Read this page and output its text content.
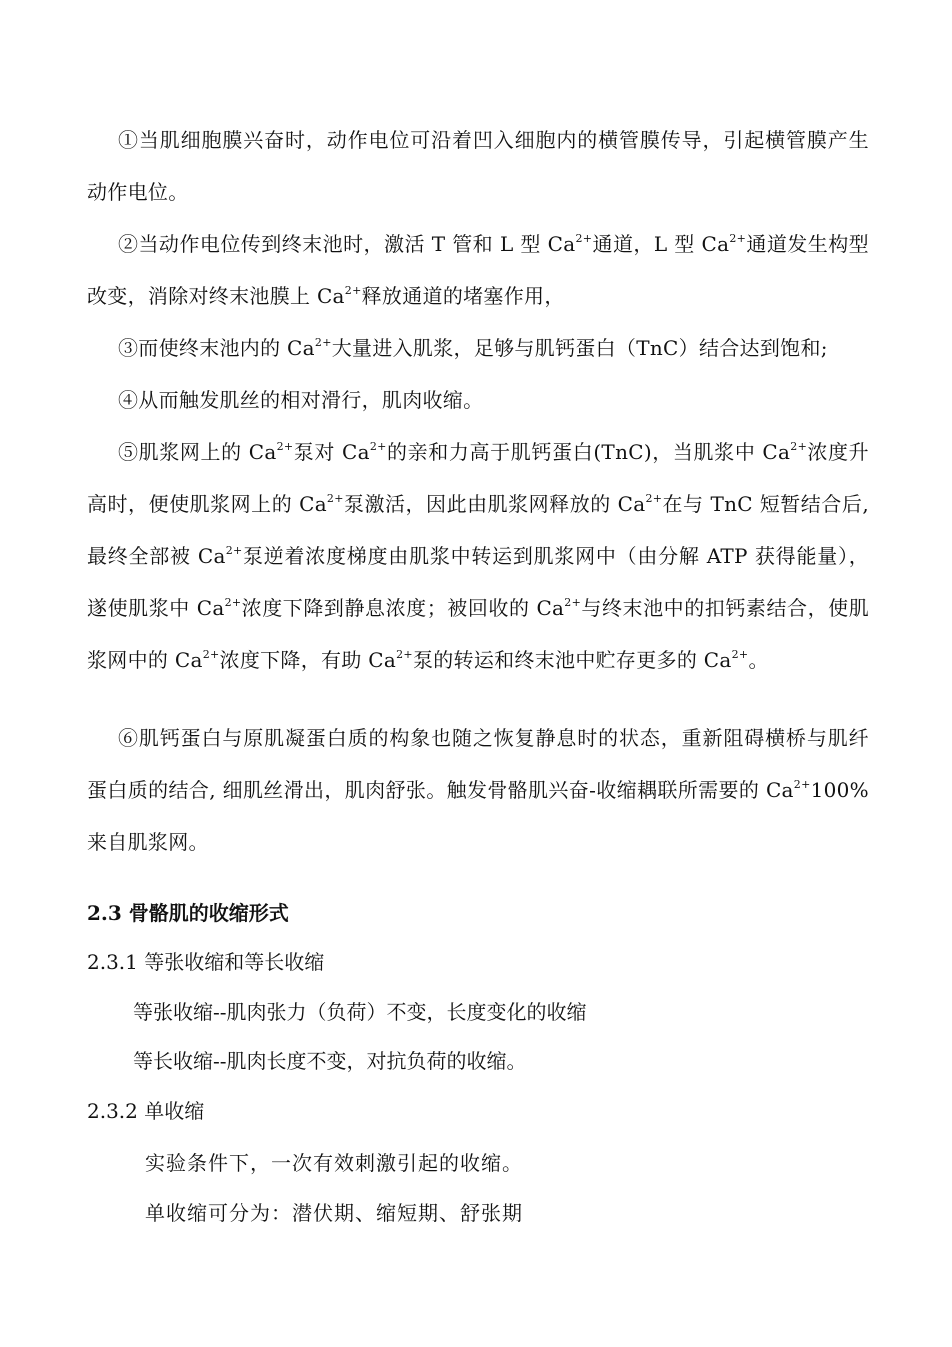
①当肌细胞膜兴奋时，动作电位可沿着凹入细胞内的横管膜传导，引起横管膜产生动作电位。

②当动作电位传到终末池时，激活 T 管和 L 型 $Ca^{2+}$通道，L 型 $Ca^{2+}$通道发生构型改变，消除对终末池膜上 $Ca^{2+}$释放通道的堵塞作用，

③而使终末池内的 $Ca^{2+}$大量进入肌浆，足够与肌钙蛋白（TnC）结合达到饱和;

④从而触发肌丝的相对滑行，肌肉收缩。

⑤肌浆网上的 $Ca^{2+}$泵对 $Ca^{2+}$的亲和力高于肌钙蛋白(TnC)，当肌浆中 $Ca^{2+}$浓度升高时，便使肌浆网上的 $Ca^{2+}$泵激活，因此由肌浆网释放的 $Ca^{2+}$在与 TnC 短暂结合后,最终全部被 $Ca^{2+}$泵逆着浓度梯度由肌浆中转运到肌浆网中（由分解 ATP 获得能量），遂使肌浆中 $Ca^{2+}$浓度下降到静息浓度；被回收的 $Ca^{2+}$与终末池中的扣钙素结合，使肌浆网中的 $Ca^{2+}$浓度下降，有助 $Ca^{2+}$泵的转运和终末池中贮存更多的 $Ca^{2+}$。

⑥肌钙蛋白与原肌凝蛋白质的构象也随之恢复静息时的状态，重新阻碍横桥与肌纤蛋白质的结合, 细肌丝滑出，肌肉舒张。触发骨骼肌兴奋-收缩耦联所需要的 $Ca^{2+}100\%$来自肌浆网。

2.3 骨骼肌的收缩形式

2.3.1 等张收缩和等长收缩

等张收缩--肌肉张力（负荷）不变，长度变化的收缩

等长收缩--肌肉长度不变，对抗负荷的收缩。

2.3.2 单收缩

实验条件下，一次有效刺激引起的收缩。

单收缩可分为：潜伏期、缩短期、舒张期
